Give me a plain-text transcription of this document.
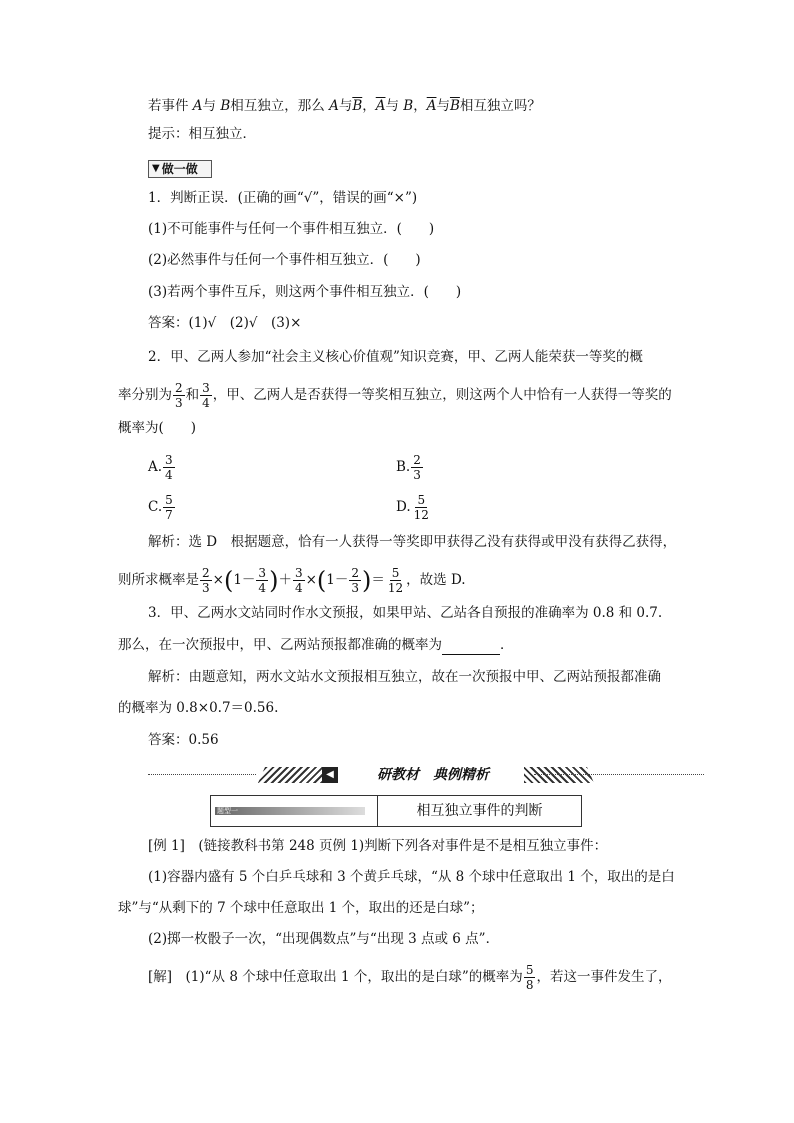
若事件 A与 B相互独立，那么 A与$\overline{B}$，$\overline{A}$与 B，$\overline{A}$与$\overline{B}$相互独立吗？
提示：相互独立．
▼ 做一做
1．判断正误．(正确的画“√”，错误的画“×”)
(1)不可能事件与任何一个事件相互独立．(　　)
(2)必然事件与任何一个事件相互独立．(　　)
(3)若两个事件互斥，则这两个事件相互独立．(　　)
答案：(1)√　(2)√　(3)×
2．甲、乙两人参加“社会主义核心价值观”知识竞赛，甲、乙两人能荣获一等奖的概
率分别为 $\frac{2}{3}$ 和 $\frac{3}{4}$ ，甲、乙两人是否获得一等奖相互独立，则这两个人中恰有一人获得一等奖的
概率为(　　)
A. $\frac{3}{4}$	B. $\frac{2}{3}$
C. $\frac{5}{7}$	D. $\frac{5}{12}$
解析：选 D　根据题意，恰有一人获得一等奖即甲获得乙没有获得或甲没有获得乙获得，
则所求概率是 $\frac{2}{3} \times(1- \frac{3}{4}$ )＋ $\frac{3}{4} \times(1- \frac{2}{3}$ )＝ $\frac{5}{12}$ ，故选 D.
3．甲、乙两水文站同时作水文预报，如果甲站、乙站各自预报的准确率为 0.8 和 0.7.
那么，在一次预报中，甲、乙两站预报都准确的概率为	．
解析：由题意知，两水文站水文预报相互独立，故在一次预报中甲、乙两站预报都准确
的概率为 0.8×0.7＝0.56.
答案：0.56
◀	研教材　典例精析
题型一	相互独立事件的判断
[例 1]　(链接教科书第 248 页例 1)判断下列各对事件是不是相互独立事件：
(1)容器内盛有 5 个白乒乓球和 3 个黄乒乓球，“从 8 个球中任意取出 1 个，取出的是白
球”与“从剩下的 7 个球中任意取出 1 个，取出的还是白球”；
(2)掷一枚骰子一次，“出现偶数点”与“出现 3 点或 6 点”．
[解]　(1)“从 8 个球中任意取出 1 个，取出的是白球”的概率为 $\frac{5}{8}$ ，若这一事件发生了，
